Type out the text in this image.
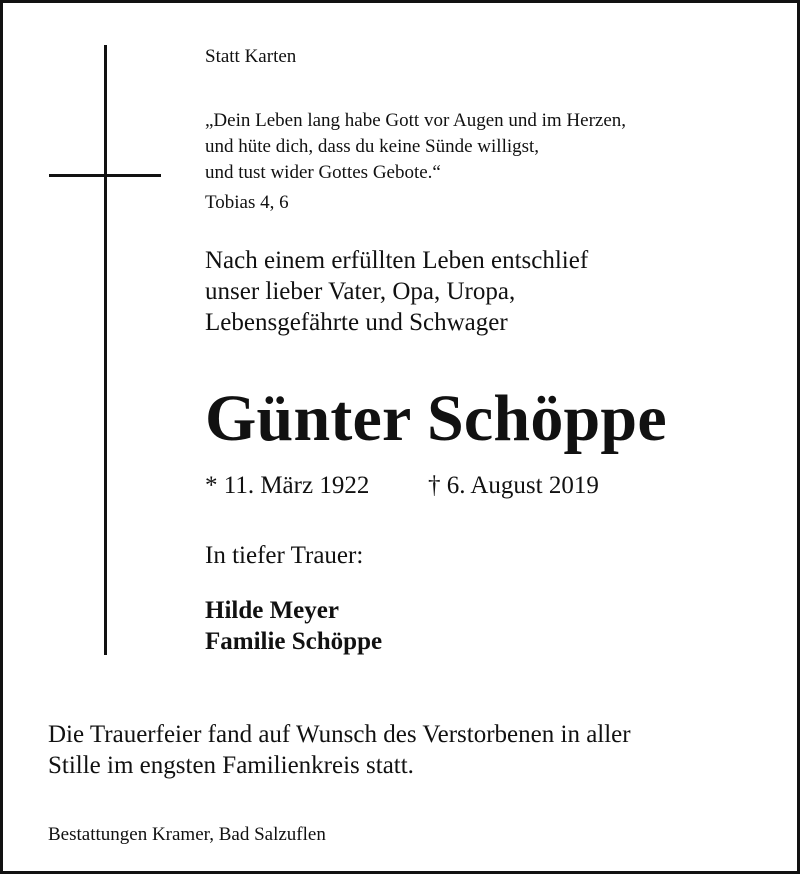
Statt Karten

„Dein Leben lang habe Gott vor Augen und im Herzen,
und hüte dich, dass du keine Sünde willigst,
und tust wider Gottes Gebote.“

Tobias 4, 6

Nach einem erfüllten Leben entschlief
unser lieber Vater, Opa, Uropa,
Lebensgefährte und Schwager

Günter Schöppe

* 11. März 1922 † 6. August 2019

In tiefer Trauer:

Hilde Meyer
Familie Schöppe
Die Trauerfeier fand auf Wunsch des Verstorbenen in aller
Stille im engsten Familienkreis statt.

Bestattungen Kramer, Bad Salzuflen
